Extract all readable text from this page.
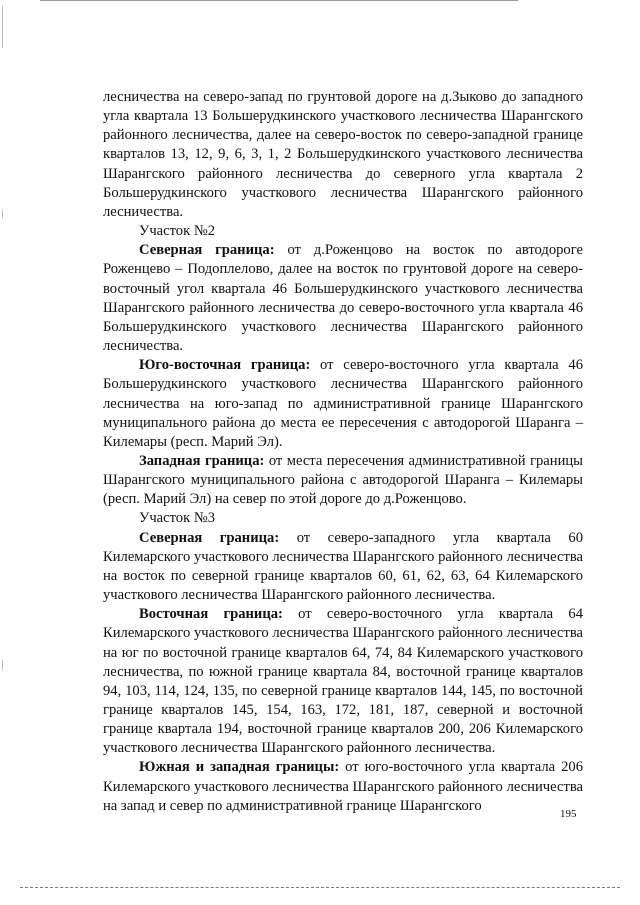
лесничества на северо-запад по грунтовой дороге на д.Зыково до западного угла квартала 13 Большерудкинского участкового лесничества Шарангского районного лесничества, далее на северо-восток по северо-западной границе кварталов 13, 12, 9, 6, 3, 1, 2 Большерудкинского участкового лесничества Шарангского районного лесничества до северного угла квартала 2 Большерудкинского участкового лесничества Шарангского районного лесничества.

Участок №2

Северная граница: от д.Роженцово на восток по автодороге Роженцево – Подоплелово, далее на восток по грунтовой дороге на северо-восточный угол квартала 46 Большерудкинского участкового лесничества Шарангского районного лесничества до северо-восточного угла квартала 46 Большерудкинского участкового лесничества Шарангского районного лесничества.

Юго-восточная граница: от северо-восточного угла квартала 46 Большерудкинского участкового лесничества Шарангского районного лесничества на юго-запад по административной границе Шарангского муниципального района до места ее пересечения с автодорогой Шаранга – Килемары (респ. Марий Эл).

Западная граница: от места пересечения административной границы Шарангского муниципального района с автодорогой Шаранга – Килемары (респ. Марий Эл) на север по этой дороге до д.Роженцово.

Участок №3

Северная граница: от северо-западного угла квартала 60 Килемарского участкового лесничества Шарангского районного лесничества на восток по северной границе кварталов 60, 61, 62, 63, 64 Килемарского участкового лесничества Шарангского районного лесничества.

Восточная граница: от северо-восточного угла квартала 64 Килемарского участкового лесничества Шарангского районного лесничества на юг по восточной границе кварталов 64, 74, 84 Килемарского участкового лесничества, по южной границе квартала 84, восточной границе кварталов 94, 103, 114, 124, 135, по северной границе кварталов 144, 145, по восточной границе кварталов 145, 154, 163, 172, 181, 187, северной и восточной границе квартала 194, восточной границе кварталов 200, 206 Килемарского участкового лесничества Шарангского районного лесничества.

Южная и западная границы: от юго-восточного угла квартала 206 Килемарского участкового лесничества Шарангского районного лесничества на запад и север по административной границе Шарангского

195
